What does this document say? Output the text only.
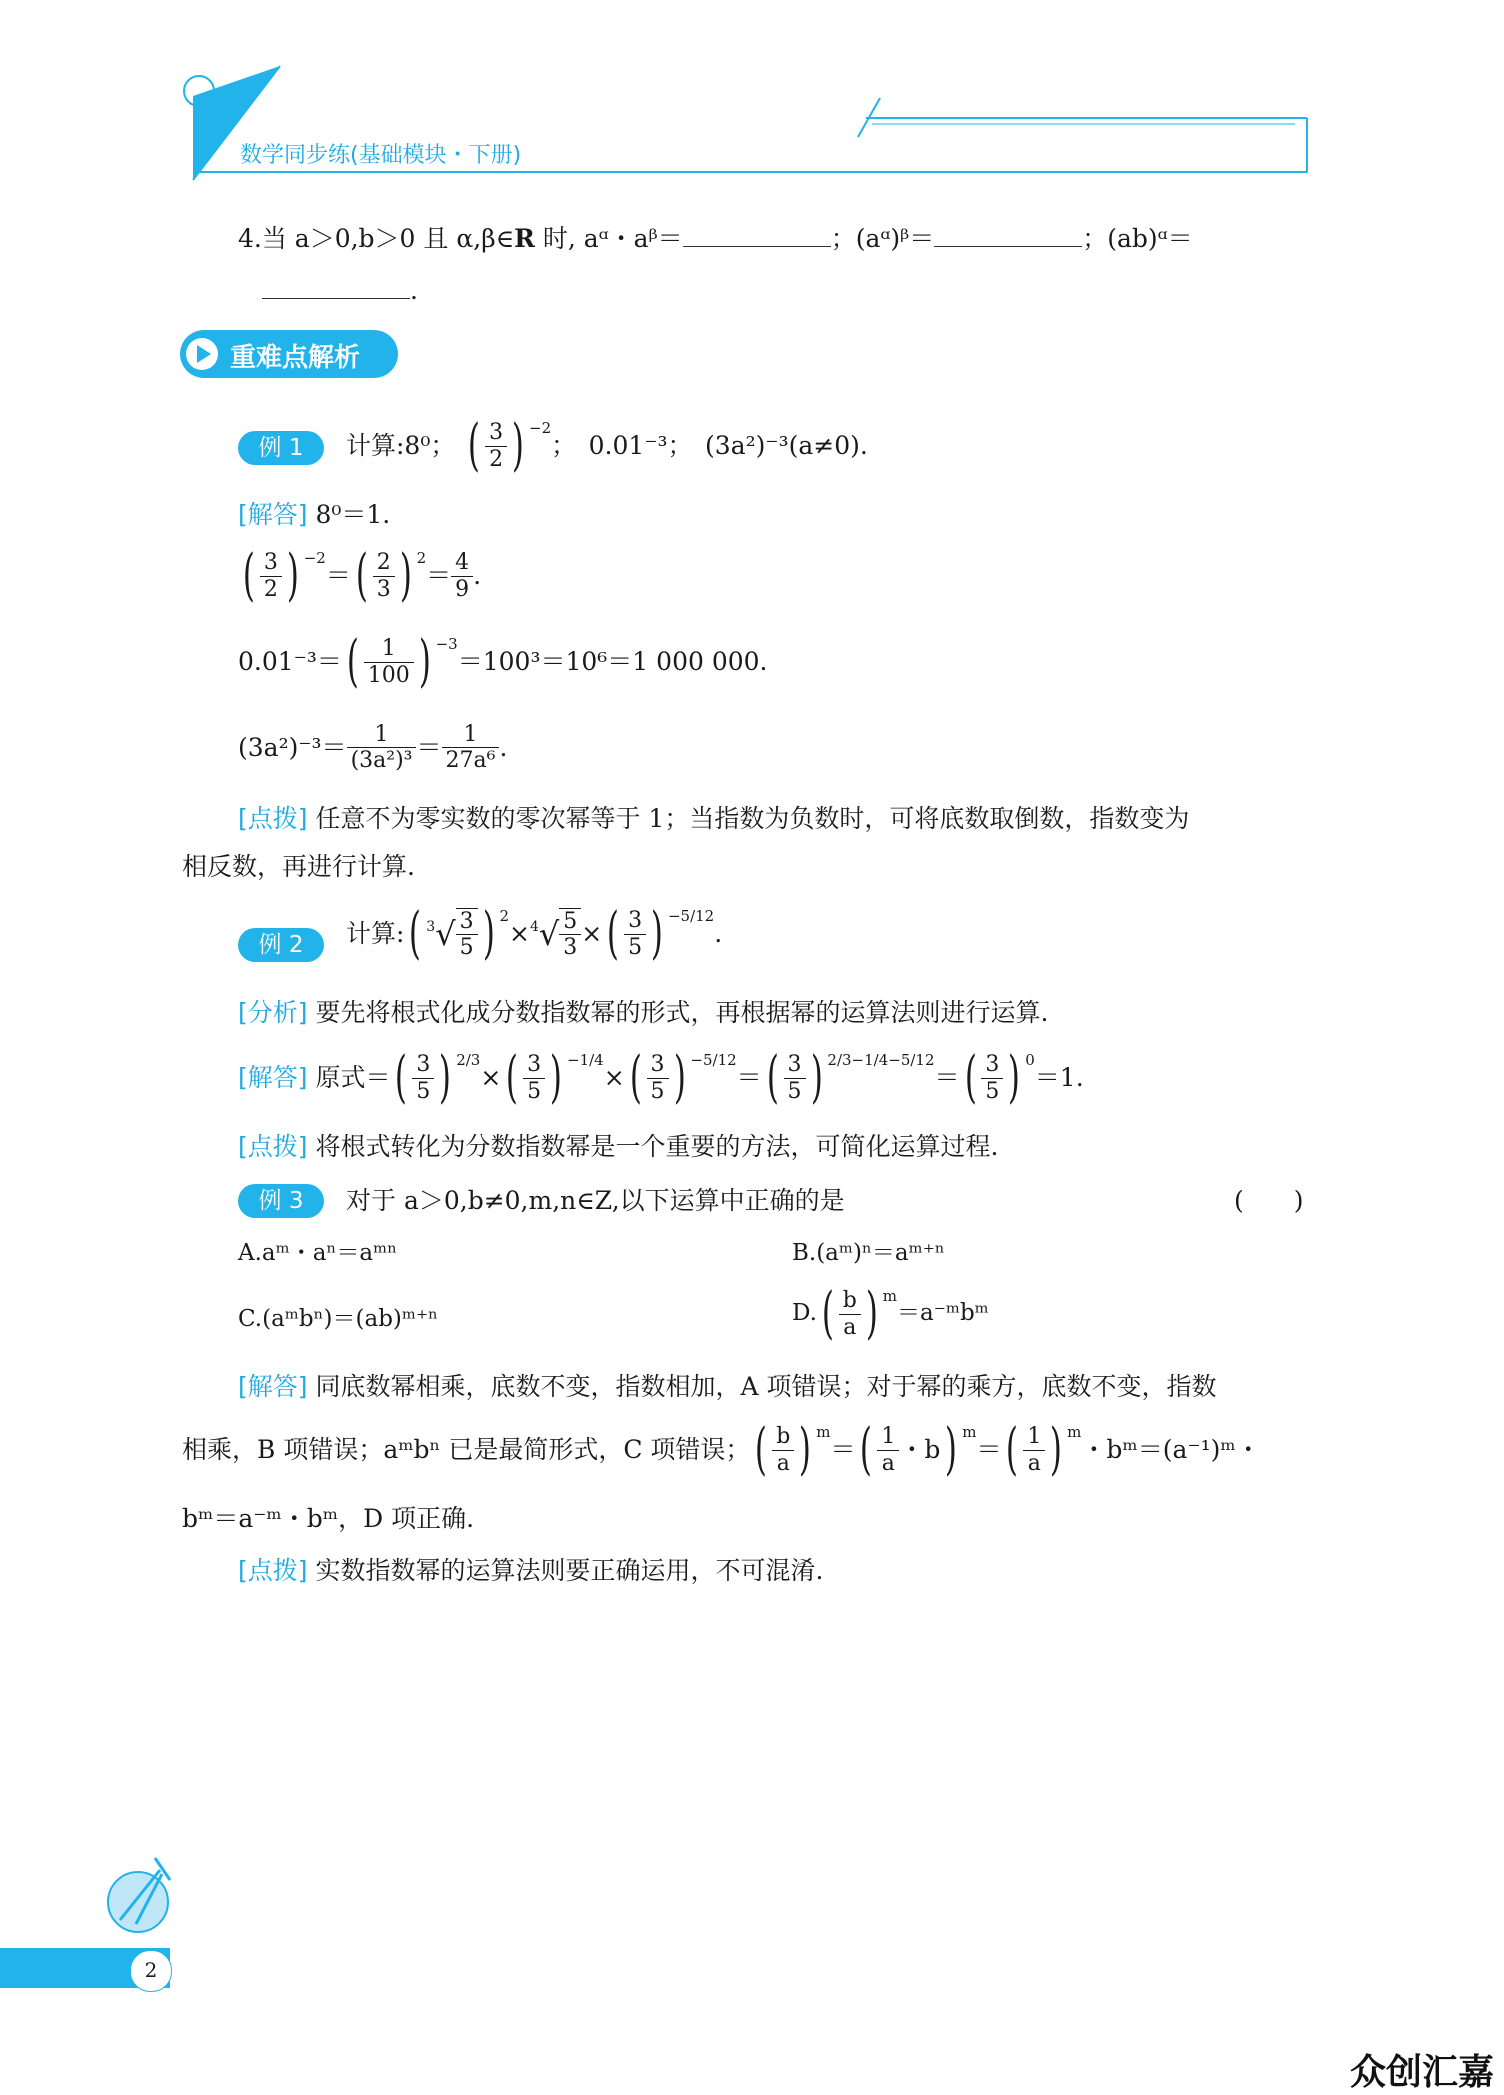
数学同步练(基础模块・下册)
4.当 a＞0,b＞0 且 α,β∈R 时, aᵅ・aᵝ＝	；(aᵅ)ᵝ＝	；(ab)ᵅ＝
.
重难点解析
例 1	计算:8⁰； ( $\frac{3}{2}$ ) $^{-2}$；　0.01⁻³；　(3a²)⁻³(a≠0).
[解答] 8⁰＝1.
( $\frac{3}{2}$ ) $^{-2}=( \frac{2}{3}$ ) $^2= \frac{4}{9}$ .
$0.01^{-3}=( \frac{1}{100}$ ) $^{-3}$＝100³＝10⁶＝1 000 000.
$(3a^2)^{-3}= \frac{1}{\text{(3a²)³}} = \frac{1}{\text{27a⁶}}$ .
[点拨] 任意不为零实数的零次幂等于 1；当指数为负数时，可将底数取倒数，指数变为
相反数，再进行计算.
例 2	计算:( $^3√ \frac{3}{5}$ ) $^2\times^4√ \frac{5}{3}$ ×( $\frac{3}{5}$ ) $^{-5/12}$.
[分析] 要先将根式化成分数指数幂的形式，再根据幂的运算法则进行运算.
[解答] 原式＝( $\frac{3}{5}$ ) $^{2/3}\times( \frac{3}{5}$ ) $^{-1/4}\times( \frac{3}{5}$ ) $^{-5/12}=( \frac{3}{5}$ ) $^{2/3-1/4-5/12}=( \frac{3}{5}$ ) $^0$＝1.
[点拨] 将根式转化为分数指数幂是一个重要的方法，可简化运算过程.
例 3	对于 a＞0,b≠0,m,n∈Z,以下运算中正确的是	(　　)
A.aᵐ・aⁿ＝aᵐⁿ	B.(aᵐ)ⁿ＝aᵐ⁺ⁿ
C.(aᵐbⁿ)＝(ab)ᵐ⁺ⁿ	$D.( \frac{b}{a}$ ) $^m$＝a⁻ᵐbᵐ
[解答] 同底数幂相乘，底数不变，指数相加，A 项错误；对于幂的乘方，底数不变，指数
相乘，B 项错误；aᵐbⁿ 已是最简形式，C 项错误；( $\frac{b}{a}$ ) $^m=( \frac{1}{a}$ ・b) $^m=( \frac{1}{a}$ ) $^m$・bᵐ＝(a⁻¹)ᵐ・
bᵐ＝a⁻ᵐ・bᵐ，D 项正确.
[点拨] 实数指数幂的运算法则要正确运用，不可混淆.
2
众创汇嘉
